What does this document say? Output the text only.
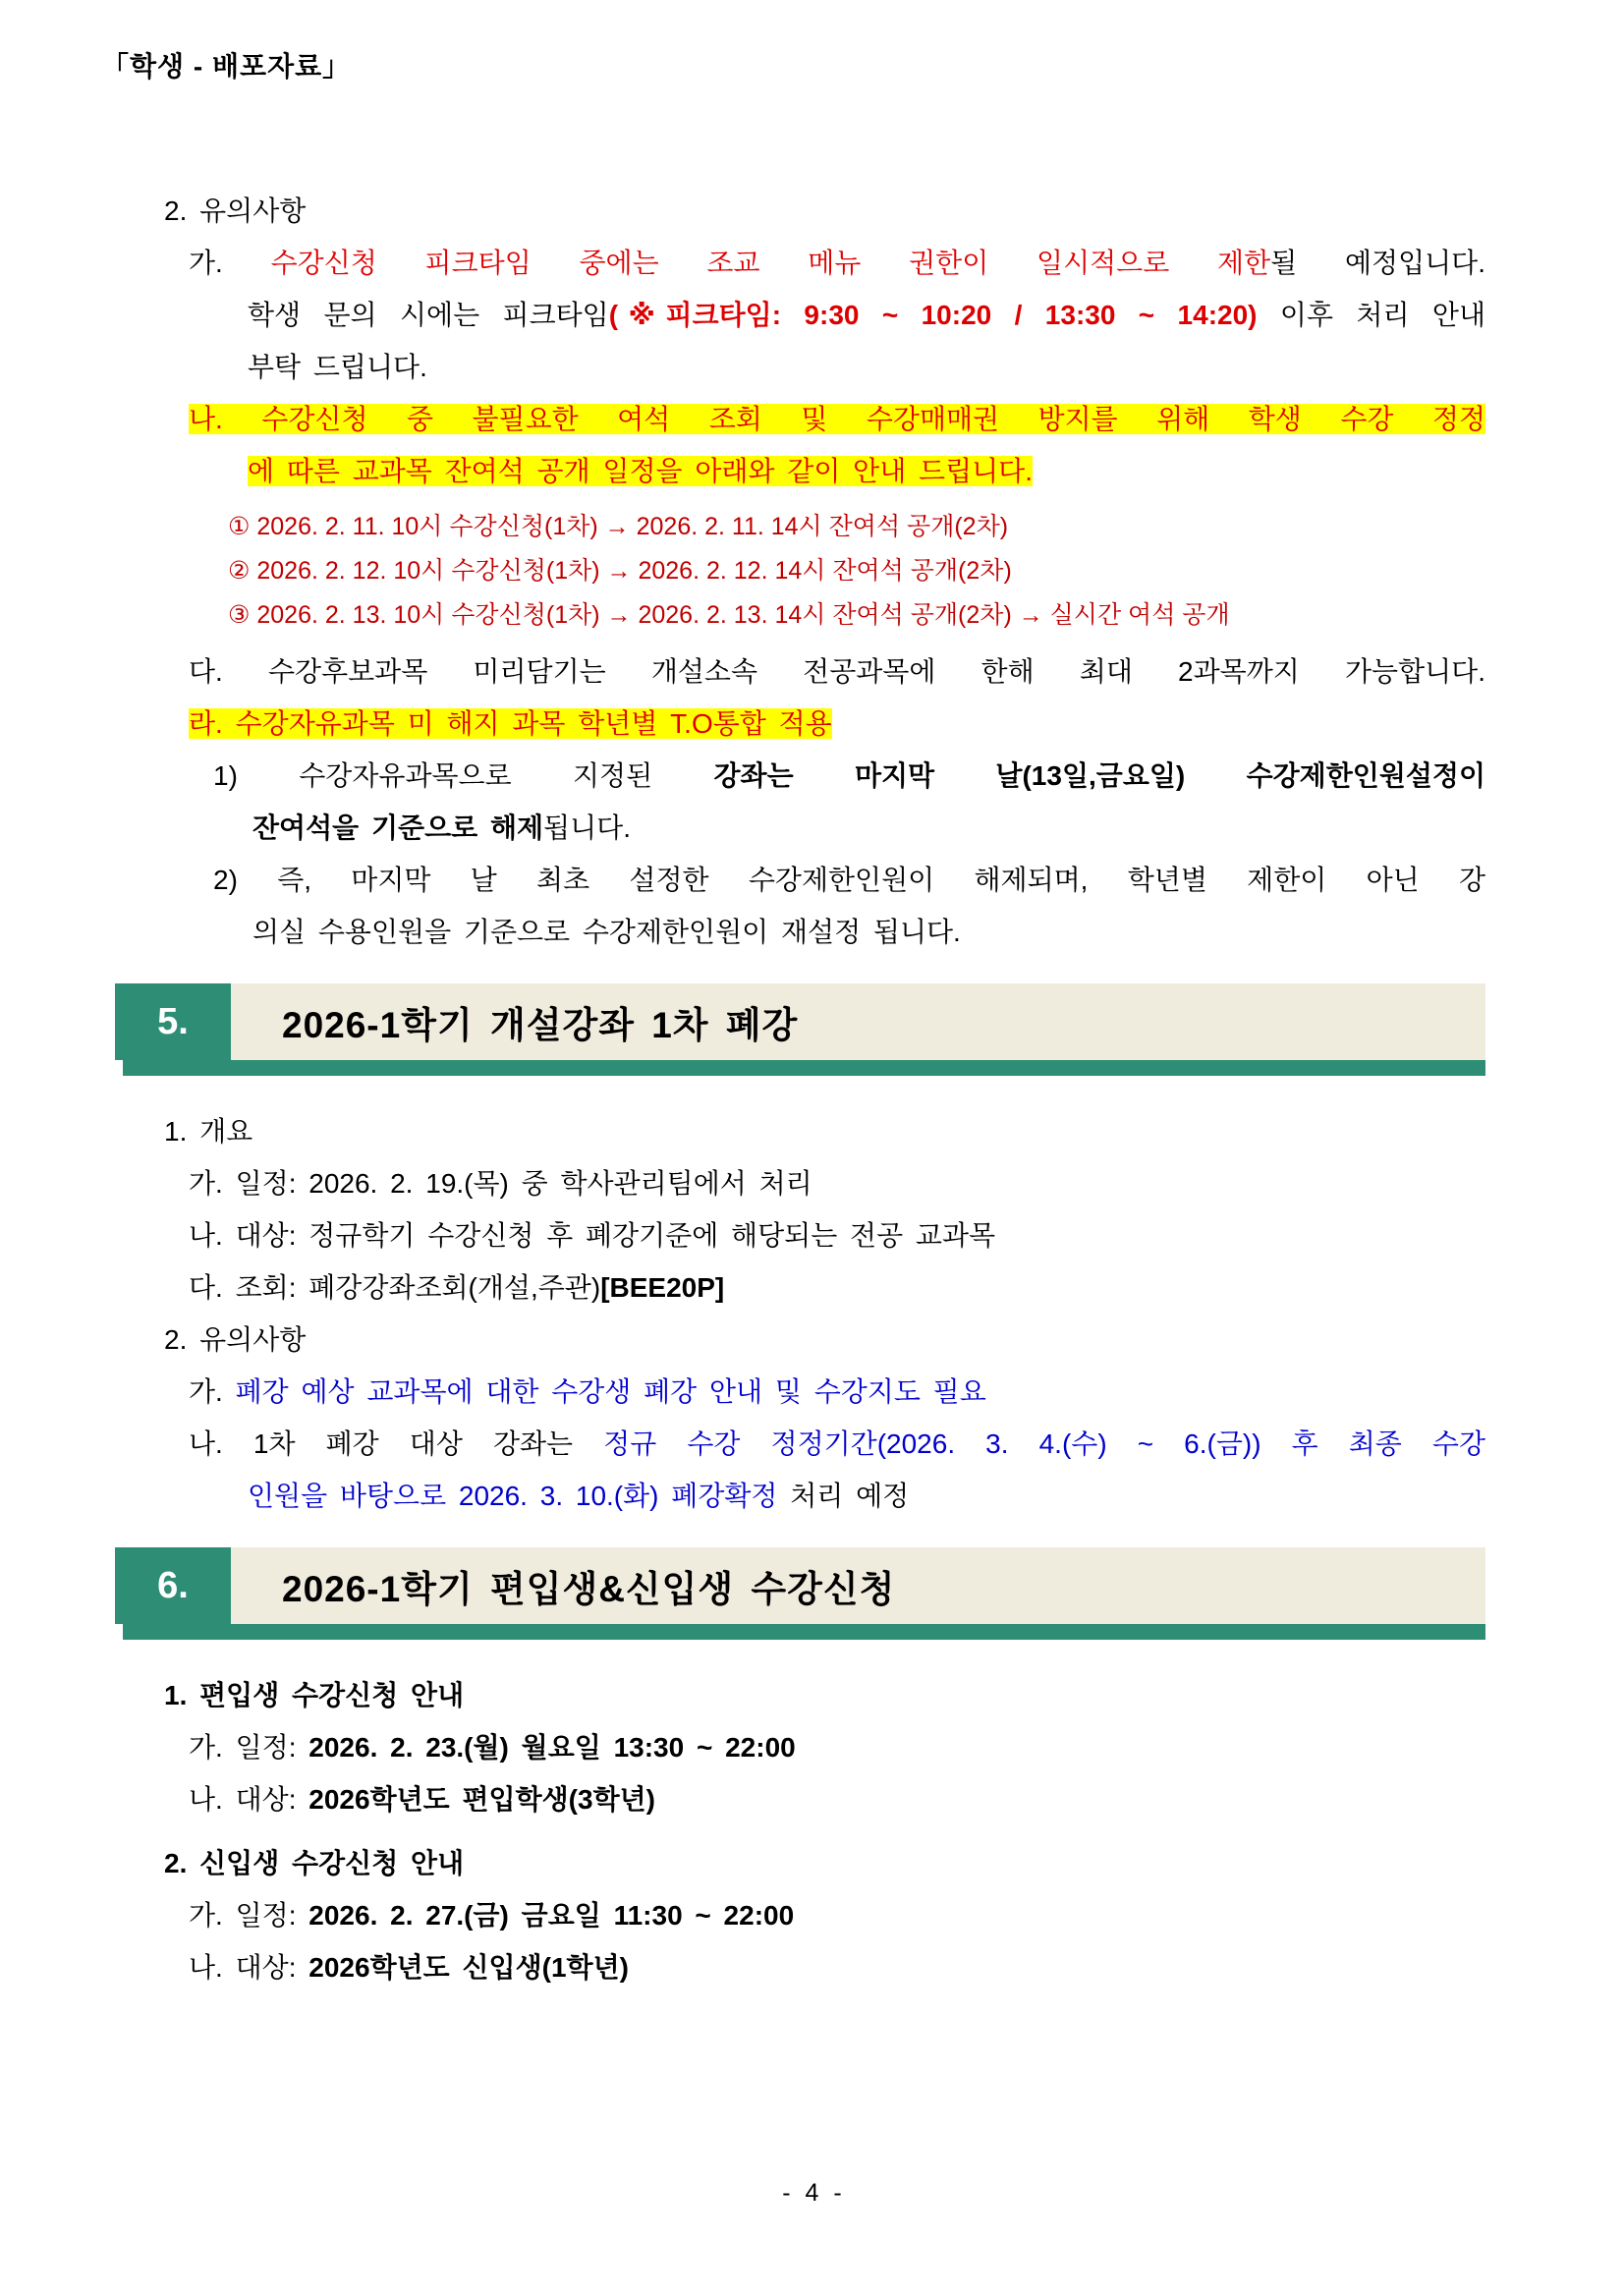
「학생 - 배포자료」
2. 유의사항
가. 수강신청 피크타임 중에는 조교 메뉴 권한이 일시적으로 제한될 예정입니다.
학생 문의 시에는 피크타임(※피크타임: 9:30 ~ 10:20 / 13:30 ~ 14:20) 이후 처리 안내
부탁 드립니다.
나. 수강신청 중 불필요한 여석 조회 및 수강매매권 방지를 위해 학생 수강 정정
에 따른 교과목 잔여석 공개 일정을 아래와 같이 안내 드립니다.
① 2026. 2. 11. 10시 수강신청(1차) → 2026. 2. 11. 14시 잔여석 공개(2차)
② 2026. 2. 12. 10시 수강신청(1차) → 2026. 2. 12. 14시 잔여석 공개(2차)
③ 2026. 2. 13. 10시 수강신청(1차) → 2026. 2. 13. 14시 잔여석 공개(2차) → 실시간 여석 공개
다. 수강후보과목 미리담기는 개설소속 전공과목에 한해 최대 2과목까지 가능합니다.
라. 수강자유과목 미 해지 과목 학년별 T.O통합 적용
1) 수강자유과목으로 지정된 강좌는 마지막 날(13일,금요일) 수강제한인원설정이
잔여석을 기준으로 해제됩니다.
2) 즉, 마지막 날 최초 설정한 수강제한인원이 해제되며, 학년별 제한이 아닌 강
의실 수용인원을 기준으로 수강제한인원이 재설정 됩니다.
5.	2026-1학기 개설강좌 1차 폐강
1. 개요
가. 일정: 2026. 2. 19.(목) 중 학사관리팀에서 처리
나. 대상: 정규학기 수강신청 후 폐강기준에 해당되는 전공 교과목
다. 조회: 폐강강좌조회(개설,주관)[BEE20P]
2. 유의사항
가. 폐강 예상 교과목에 대한 수강생 폐강 안내 및 수강지도 필요
나. 1차 폐강 대상 강좌는 정규 수강 정정기간(2026. 3. 4.(수) ~ 6.(금)) 후 최종 수강
인원을 바탕으로 2026. 3. 10.(화) 폐강확정 처리 예정
6.	2026-1학기 편입생&신입생 수강신청
1. 편입생 수강신청 안내
가. 일정: 2026. 2. 23.(월) 월요일 13:30 ~ 22:00
나. 대상: 2026학년도 편입학생(3학년)
2. 신입생 수강신청 안내
가. 일정: 2026. 2. 27.(금) 금요일 11:30 ~ 22:00
나. 대상: 2026학년도 신입생(1학년)
- 4 -
